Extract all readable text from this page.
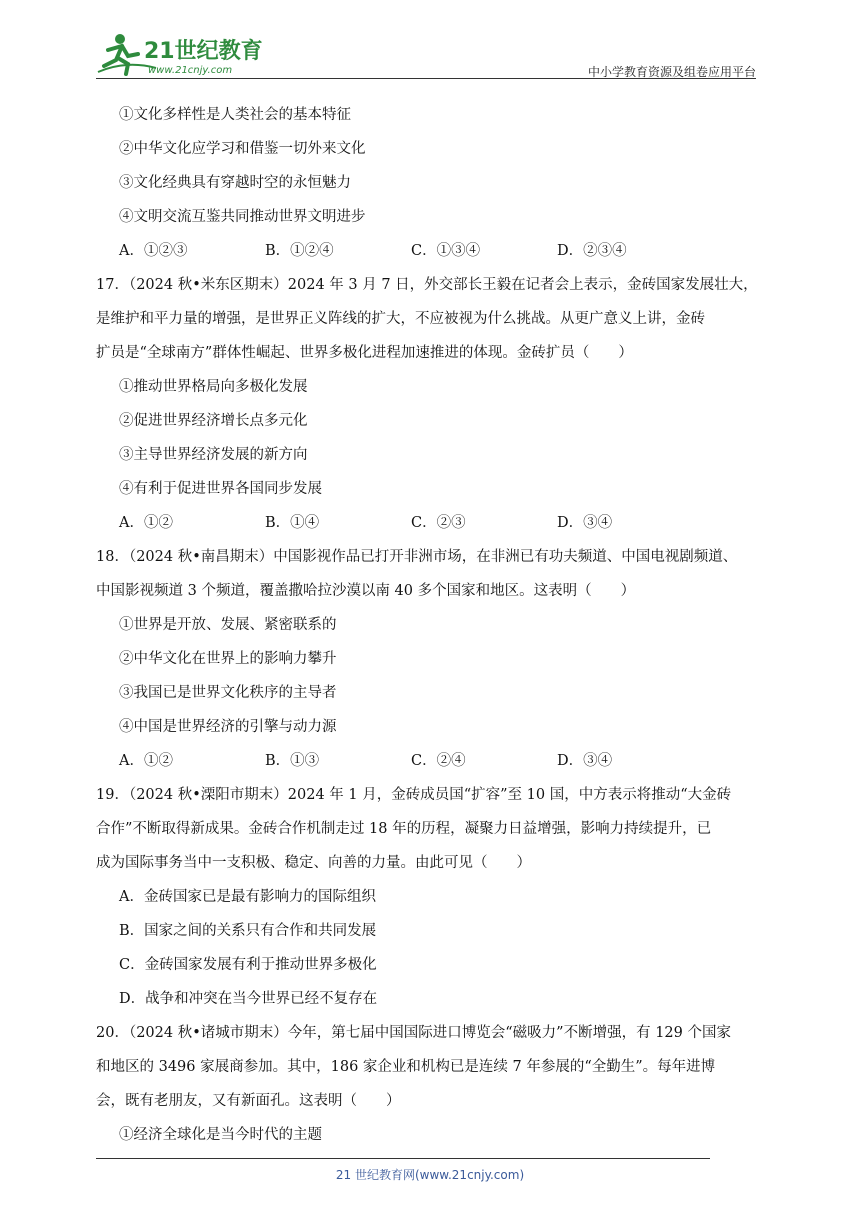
21世纪教育
www.21cnjy.com	中小学教育资源及组卷应用平台
①文化多样性是人类社会的基本特征
②中华文化应学习和借鉴一切外来文化
③文化经典具有穿越时空的永恒魅力
④文明交流互鉴共同推动世界文明进步
A．①②③	B．①②④	C．①③④	D．②③④
17．（2024 秋•米东区期末）2024 年 3 月 7 日，外交部长王毅在记者会上表示，金砖国家发展壮大，
是维护和平力量的增强，是世界正义阵线的扩大，不应被视为什么挑战。从更广意义上讲，金砖
扩员是“全球南方”群体性崛起、世界多极化进程加速推进的体现。金砖扩员（　　）
①推动世界格局向多极化发展
②促进世界经济增长点多元化
③主导世界经济发展的新方向
④有利于促进世界各国同步发展
A．①②	B．①④	C．②③	D．③④
18．（2024 秋•南昌期末）中国影视作品已打开非洲市场，在非洲已有功夫频道、中国电视剧频道、
中国影视频道 3 个频道，覆盖撒哈拉沙漠以南 40 多个国家和地区。这表明（　　）
①世界是开放、发展、紧密联系的
②中华文化在世界上的影响力攀升
③我国已是世界文化秩序的主导者
④中国是世界经济的引擎与动力源
A．①②	B．①③	C．②④	D．③④
19．（2024 秋•溧阳市期末）2024 年 1 月，金砖成员国“扩容”至 10 国，中方表示将推动“大金砖
合作”不断取得新成果。金砖合作机制走过 18 年的历程，凝聚力日益增强，影响力持续提升，已
成为国际事务当中一支积极、稳定、向善的力量。由此可见（　　）
A．金砖国家已是最有影响力的国际组织
B．国家之间的关系只有合作和共同发展
C．金砖国家发展有利于推动世界多极化
D．战争和冲突在当今世界已经不复存在
20．（2024 秋•诸城市期末）今年，第七届中国国际进口博览会“磁吸力”不断增强，有 129 个国家
和地区的 3496 家展商参加。其中，186 家企业和机构已是连续 7 年参展的“全勤生”。每年进博
会，既有老朋友，又有新面孔。这表明（　　）
①经济全球化是当今时代的主题
21 世纪教育网(www.21cnjy.com)
